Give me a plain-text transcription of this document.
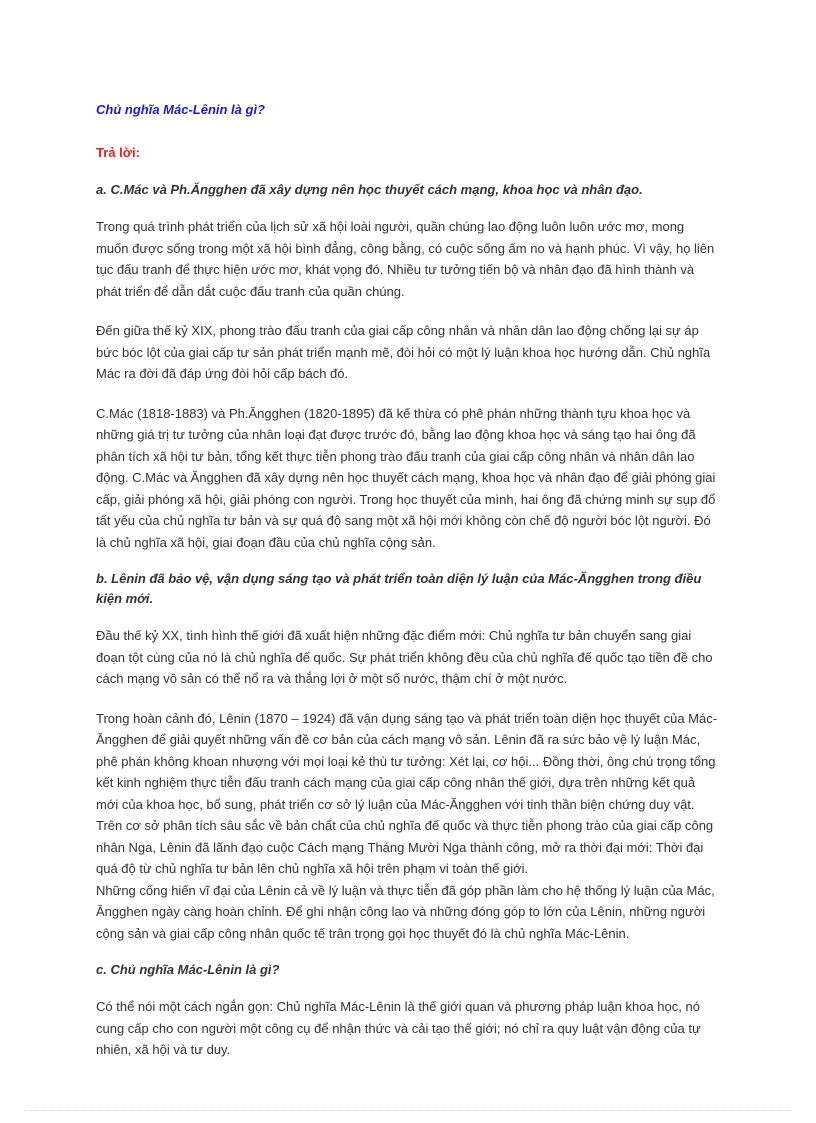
Chủ nghĩa Mác-Lênin là gì?

Trả lời:

a. C.Mác và Ph.Ăngghen đã xây dựng nên học thuyết cách mạng, khoa học và nhân đạo.

Trong quá trình phát triển của lịch sử xã hội loài người, quần chúng lao động luôn luôn ước mơ, mong muốn được sống trong một xã hội bình đẳng, công bằng, có cuộc sống ấm no và hạnh phúc. Vì vậy, họ liên tục đấu tranh để thực hiện ước mơ, khát vọng đó. Nhiều tư tưởng tiến bộ và nhân đạo đã hình thành và phát triển để dẫn dắt cuộc đấu tranh của quần chúng.

Đến giữa thế kỷ XIX, phong trào đấu tranh của giai cấp công nhân và nhân dân lao động chống lại sự áp bức bóc lột của giai cấp tư sản phát triển mạnh mẽ, đòi hỏi có một lý luận khoa học hướng dẫn. Chủ nghĩa Mác ra đời đã đáp ứng đòi hỏi cấp bách đó.

C.Mác (1818-1883) và Ph.Ăngghen (1820-1895) đã kế thừa có phê phán những thành tựu khoa học và những giá trị tư tưởng của nhân loại đạt được trước đó, bằng lao động khoa học và sáng tạo hai ông đã phân tích xã hội tư bản, tổng kết thực tiễn phong trào đấu tranh của giai cấp công nhân và nhân dân lao động. C.Mác và Ăngghen đã xây dựng nên học thuyết cách mạng, khoa học và nhân đạo để giải phóng giai cấp, giải phóng xã hội, giải phóng con người. Trong học thuyết của mình, hai ông đã chứng minh sự sụp đổ tất yếu của chủ nghĩa tư bản và sự quá độ sang một xã hội mới không còn chế độ người bóc lột người. Đó là chủ nghĩa xã hội, giai đoạn đầu của chủ nghĩa cộng sản.

b. Lênin đã bảo vệ, vận dụng sáng tạo và phát triển toàn diện lý luận của Mác-Ăngghen trong điều kiện mới.

Đầu thế kỷ XX, tình hình thế giới đã xuất hiện những đặc điểm mới: Chủ nghĩa tư bản chuyển sang giai đoạn tột cùng của nó là chủ nghĩa đế quốc. Sự phát triển không đều của chủ nghĩa đế quốc tạo tiền đề cho cách mạng vô sản có thể nổ ra và thắng lợi ở một số nước, thậm chí ở một nước.

Trong hoàn cảnh đó, Lênin (1870 – 1924) đã vận dụng sáng tạo và phát triển toàn diện học thuyết của Mác-Ăngghen để giải quyết những vấn đề cơ bản của cách mạng vô sản. Lênin đã ra sức bảo vệ lý luận Mác, phê phán không khoan nhượng với mọi loại kẻ thù tư tưởng: Xét lại, cơ hội... Đồng thời, ông chú trọng tổng kết kinh nghiệm thực tiễn đấu tranh cách mạng của giai cấp công nhân thế giới, dựa trên những kết quả mới của khoa học, bổ sung, phát triển cơ sở lý luận của Mác-Ăngghen với tinh thần biện chứng duy vật.

Trên cơ sở phân tích sâu sắc về bản chất của chủ nghĩa đế quốc và thực tiễn phong trào của giai cấp công nhân Nga, Lênin đã lãnh đạo cuộc Cách mạng Tháng Mười Nga thành công, mở ra thời đại mới: Thời đại quá độ từ chủ nghĩa tư bản lên chủ nghĩa xã hội trên phạm vi toàn thế giới.

Những cống hiến vĩ đại của Lênin cả về lý luận và thực tiễn đã góp phần làm cho hệ thống lý luận của Mác, Ăngghen ngày càng hoàn chỉnh. Để ghi nhận công lao và những đóng góp to lớn của Lênin, những người cộng sản và giai cấp công nhân quốc tế trân trọng gọi học thuyết đó là chủ nghĩa Mác-Lênin.

c. Chủ nghĩa Mác-Lênin là gì?

Có thể nói một cách ngắn gọn: Chủ nghĩa Mác-Lênin là thế giới quan và phương pháp luận khoa học, nó cung cấp cho con người một công cụ để nhận thức và cải tạo thế giới; nó chỉ ra quy luật vận động của tự nhiên, xã hội và tư duy.
